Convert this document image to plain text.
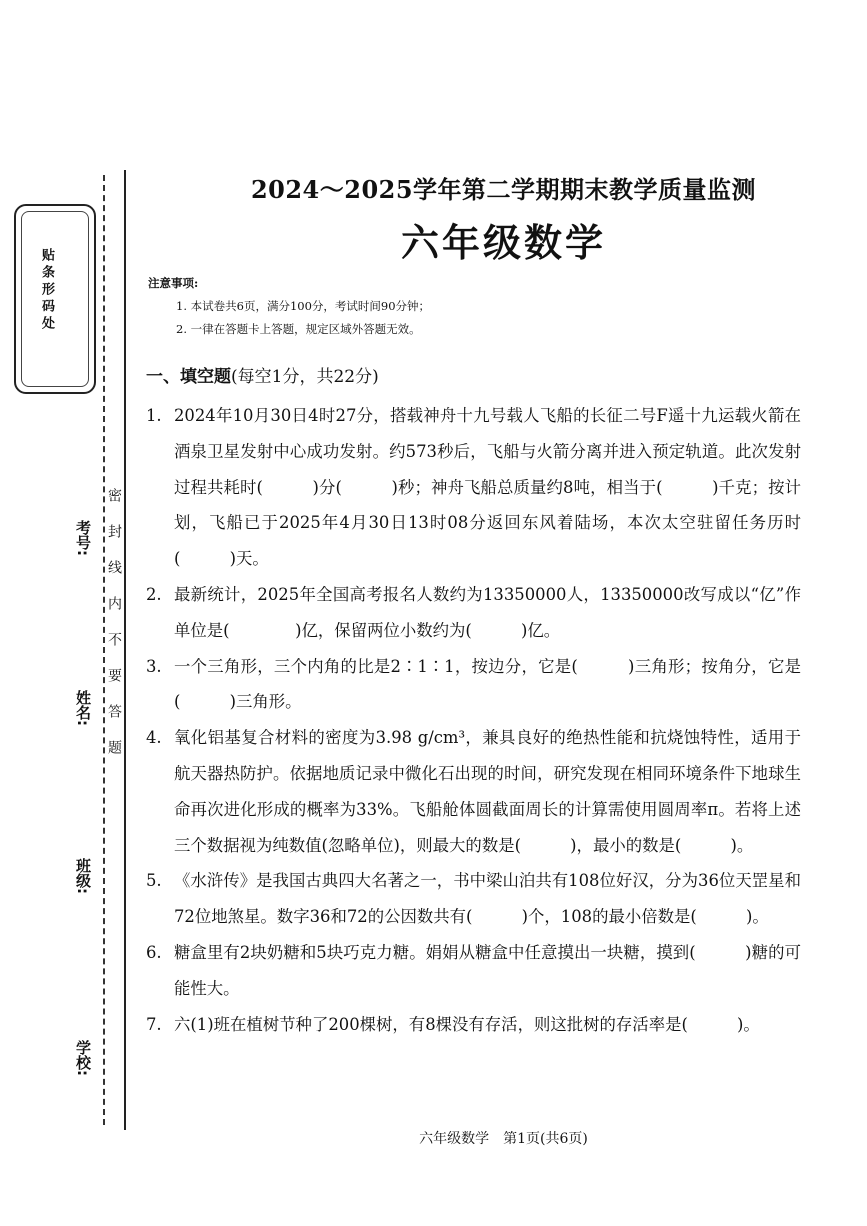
贴条形码处
密封线内不要答题
考号:
姓名:
班级:
学校:
2024～2025学年第二学期期末教学质量监测
六年级数学
注意事项:
1. 本试卷共6页，满分100分，考试时间90分钟；
2. 一律在答题卡上答题，规定区域外答题无效。
一、填空题(每空1分，共22分)
1. 2024年10月30日4时27分，搭载神舟十九号载人飞船的长征二号F遥十九运载火箭在酒泉卫星发射中心成功发射。约573秒后，飞船与火箭分离并进入预定轨道。此次发射过程共耗时(　　　)分(　　　)秒；神舟飞船总质量约8吨，相当于(　　　)千克；按计划，飞船已于2025年4月30日13时08分返回东风着陆场，本次太空驻留任务历时(　　　)天。
2. 最新统计，2025年全国高考报名人数约为13350000人，13350000改写成以“亿”作单位是(　　　　)亿，保留两位小数约为(　　　)亿。
3. 一个三角形，三个内角的比是2∶1∶1，按边分，它是(　　　)三角形；按角分，它是(　　　)三角形。
4. 氧化铝基复合材料的密度为3.98 g/cm³，兼具良好的绝热性能和抗烧蚀特性，适用于航天器热防护。依据地质记录中微化石出现的时间，研究发现在相同环境条件下地球生命再次进化形成的概率为33%。飞船舱体圆截面周长的计算需使用圆周率π。若将上述三个数据视为纯数值(忽略单位)，则最大的数是(　　　)，最小的数是(　　　)。
5. 《水浒传》是我国古典四大名著之一，书中梁山泊共有108位好汉，分为36位天罡星和72位地煞星。数字36和72的公因数共有(　　　)个，108的最小倍数是(　　　)。
6. 糖盒里有2块奶糖和5块巧克力糖。娟娟从糖盒中任意摸出一块糖，摸到(　　　)糖的可能性大。
7. 六(1)班在植树节种了200棵树，有8棵没有存活，则这批树的存活率是(　　　)。
六年级数学　第1页(共6页)
